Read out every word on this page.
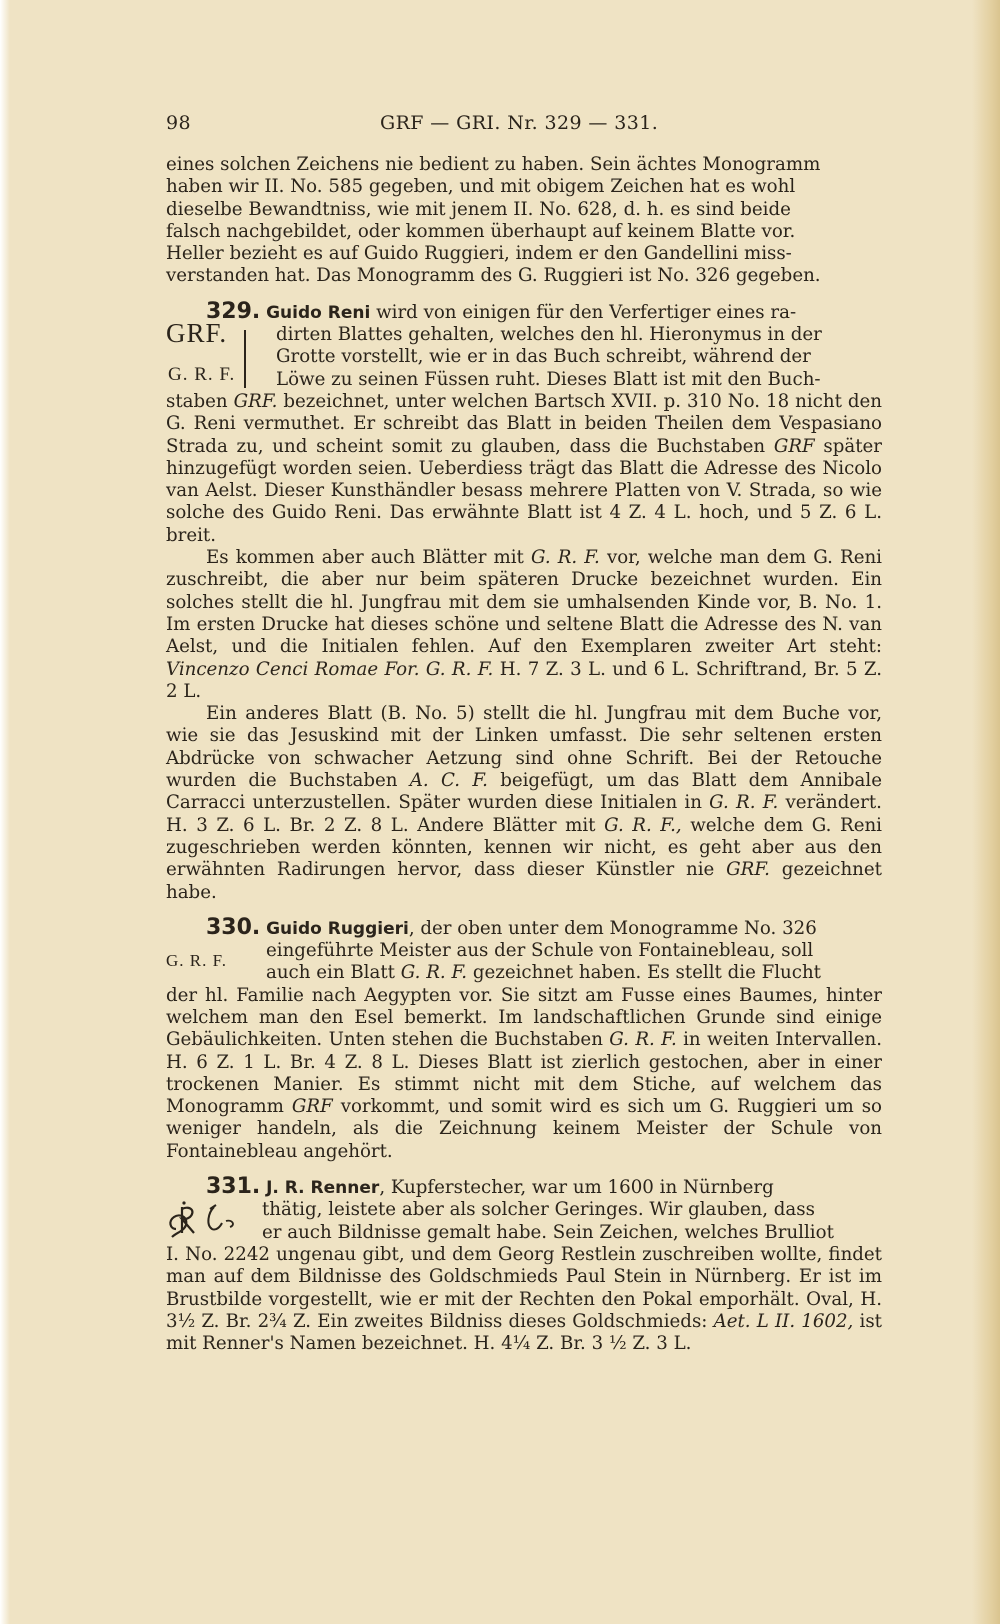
98	GRF — GRI. Nr. 329 — 331.
eines solchen Zeichens nie bedient zu haben. Sein ächtes Monogramm
haben wir II. No. 585 gegeben, und mit obigem Zeichen hat es wohl
dieselbe Bewandtniss, wie mit jenem II. No. 628, d. h. es sind beide
falsch nachgebildet, oder kommen überhaupt auf keinem Blatte vor.
Heller bezieht es auf Guido Ruggieri, indem er den Gandellini miss-
verstanden hat. Das Monogramm des G. Ruggieri ist No. 326 gegeben.
329. Guido Reni wird von einigen für den Verfertiger eines ra-
GRF.
G. R. F.
dirten Blattes gehalten, welches den hl. Hieronymus in der
Grotte vorstellt, wie er in das Buch schreibt, während der
Löwe zu seinen Füssen ruht. Dieses Blatt ist mit den Buch-

staben GRF. bezeichnet, unter welchen Bartsch XVII. p. 310 No. 18 nicht den G. Reni vermuthet. Er schreibt das Blatt in beiden Theilen dem Vespasiano Strada zu, und scheint somit zu glauben, dass die Buchstaben GRF später hinzugefügt worden seien. Ueberdiess trägt das Blatt die Adresse des Nicolo van Aelst. Dieser Kunsthändler besass mehrere Platten von V. Strada, so wie solche des Guido Reni. Das erwähnte Blatt ist 4 Z. 4 L. hoch, und 5 Z. 6 L. breit.

Es kommen aber auch Blätter mit G. R. F. vor, welche man dem G. Reni zuschreibt, die aber nur beim späteren Drucke bezeichnet wurden. Ein solches stellt die hl. Jungfrau mit dem sie umhalsenden Kinde vor, B. No. 1. Im ersten Drucke hat dieses schöne und seltene Blatt die Adresse des N. van Aelst, und die Initialen fehlen. Auf den Exemplaren zweiter Art steht: Vincenzo Cenci Romae For. G. R. F. H. 7 Z. 3 L. und 6 L. Schriftrand, Br. 5 Z. 2 L.

Ein anderes Blatt (B. No. 5) stellt die hl. Jungfrau mit dem Buche vor, wie sie das Jesuskind mit der Linken umfasst. Die sehr seltenen ersten Abdrücke von schwacher Aetzung sind ohne Schrift. Bei der Retouche wurden die Buchstaben A. C. F. beigefügt, um das Blatt dem Annibale Carracci unterzustellen. Später wurden diese Initialen in G. R. F. verändert. H. 3 Z. 6 L. Br. 2 Z. 8 L. Andere Blätter mit G. R. F., welche dem G. Reni zugeschrieben werden könnten, kennen wir nicht, es geht aber aus den erwähnten Radirungen hervor, dass dieser Künstler nie GRF. gezeichnet habe.

330. Guido Ruggieri, der oben unter dem Monogramme No. 326
G. R. F.	eingeführte Meister aus der Schule von Fontainebleau, soll
auch ein Blatt G. R. F. gezeichnet haben. Es stellt die Flucht

der hl. Familie nach Aegypten vor. Sie sitzt am Fusse eines Baumes, hinter welchem man den Esel bemerkt. Im landschaftlichen Grunde sind einige Gebäulichkeiten. Unten stehen die Buchstaben G. R. F. in weiten Intervallen. H. 6 Z. 1 L. Br. 4 Z. 8 L. Dieses Blatt ist zierlich gestochen, aber in einer trockenen Manier. Es stimmt nicht mit dem Stiche, auf welchem das Monogramm GRF vorkommt, und somit wird es sich um G. Ruggieri um so weniger handeln, als die Zeichnung keinem Meister der Schule von Fontainebleau angehört.

331. J. R. Renner, Kupferstecher, war um 1600 in Nürnberg
thätig, leistete aber als solcher Geringes. Wir glauben, dass
er auch Bildnisse gemalt habe. Sein Zeichen, welches Brulliot

I. No. 2242 ungenau gibt, und dem Georg Restlein zuschreiben wollte, findet man auf dem Bildnisse des Goldschmieds Paul Stein in Nürnberg. Er ist im Brustbilde vorgestellt, wie er mit der Rechten den Pokal emporhält. Oval, H. 3½ Z. Br. 2¾ Z. Ein zweites Bildniss dieses Goldschmieds: Aet. L II. 1602, ist mit Renner's Namen bezeichnet. H. 4¼ Z. Br. 3 ½ Z. 3 L.
